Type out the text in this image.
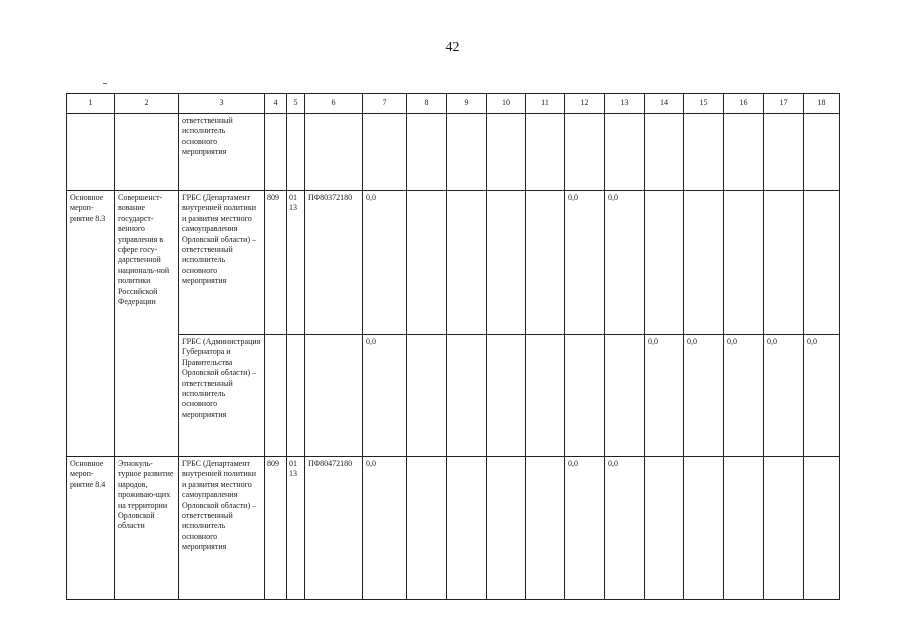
42
1	2	3	4	5	6	7	8	9	10	11	12	13	14	15	16	17	18
		ответственный исполнитель основного мероприятия															
Основное мероп-риятие 8.3	Совершенст-вование государст-венного управления в сфере госу-дарственной националь-ной политики Российской Федерации	ГРБС (Департамент внутренней политики и развития местного самоуправления Орловской области) – ответственный исполнитель основного мероприятия	809	01 13	ПФ80372180	0,0					0,0	0,0					
		ГРБС (Администрация Губернатора и Правительства Орловской области) – ответственный исполнитель основного мероприятия				0,0							0,0	0,0	0,0	0,0	0,0
Основное мероп-риятие 8.4	Этнокуль-турное развитие народов, проживаю-щих на территории Орловской области	ГРБС (Департамент внутренней политики и развития местного самоуправления Орловской области) – ответственный исполнитель основного мероприятия	809	01 13	ПФ80472180	0,0					0,0	0,0					
